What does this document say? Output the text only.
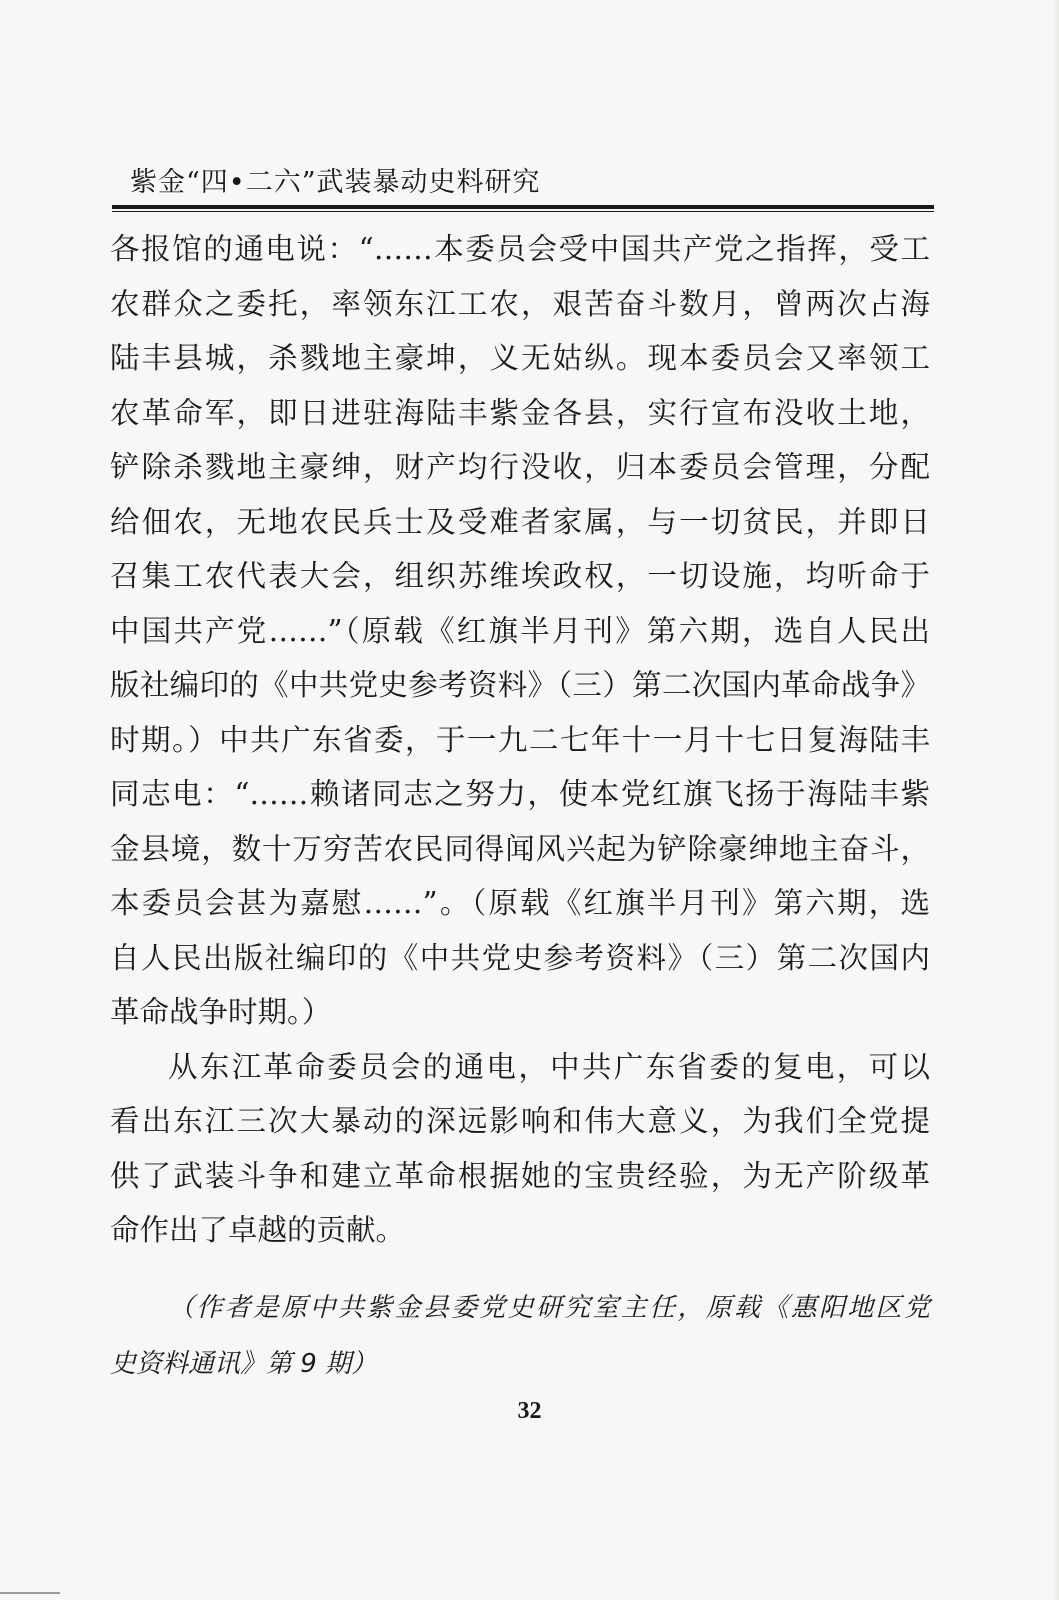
紫金“四•二六”武装暴动史料研究
各报馆的通电说：“……本委员会受中国共产党之指挥，受工
农群众之委托，率领东江工农，艰苦奋斗数月，曾两次占海
陆丰县城，杀戮地主豪坤，义无姑纵。现本委员会又率领工
农革命军，即日进驻海陆丰紫金各县，实行宣布没收土地，
铲除杀戮地主豪绅，财产均行没收，归本委员会管理，分配
给佃农，无地农民兵士及受难者家属，与一切贫民，并即日
召集工农代表大会，组织苏维埃政权，一切设施，均听命于
中国共产党……”（原载《红旗半月刊》第六期，选自人民出
版社编印的《中共党史参考资料》（三）第二次国内革命战争》
时期。）中共广东省委，于一九二七年十一月十七日复海陆丰
同志电：“……赖诸同志之努力，使本党红旗飞扬于海陆丰紫
金县境，数十万穷苦农民同得闻风兴起为铲除豪绅地主奋斗，
本委员会甚为嘉慰……”。（原载《红旗半月刊》第六期，选
自人民出版社编印的《中共党史参考资料》（三）第二次国内
革命战争时期。）
从东江革命委员会的通电，中共广东省委的复电，可以
看出东江三次大暴动的深远影响和伟大意义，为我们全党提
供了武装斗争和建立革命根据她的宝贵经验，为无产阶级革
命作出了卓越的贡献。
（作者是原中共紫金县委党史研究室主任，原载《惠阳地区党
史资料通讯》第 9 期）
32
